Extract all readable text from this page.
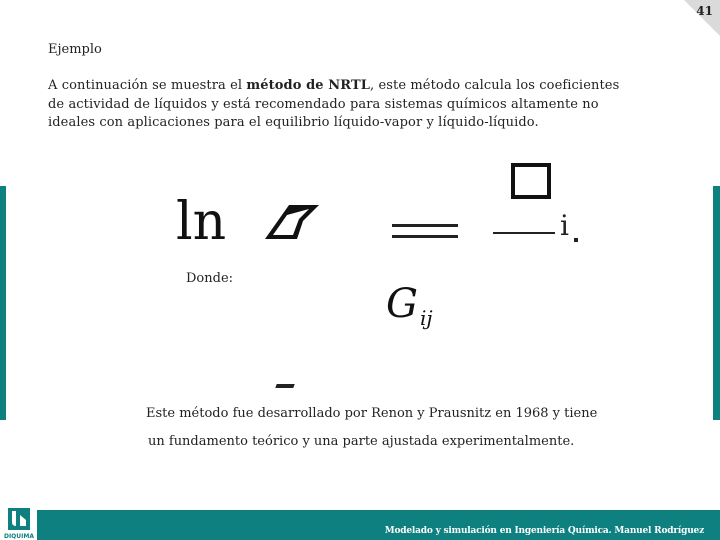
41
Ejemplo
A continuación se muestra el método de NRTL, este método calcula los coeficientes de actividad de líquidos y está recomendado para sistemas químicos altamente no ideales con aplicaciones para el equilibrio líquido-vapor y líquido-líquido.
ln	i
Donde:
Gij
Este método fue desarrollado por Renon y Prausnitz en 1968 y tiene
un fundamento teórico y una parte ajustada experimentalmente.
Modelado y simulación en Ingeniería Química. Manuel Rodríguez
DIQUIMA
